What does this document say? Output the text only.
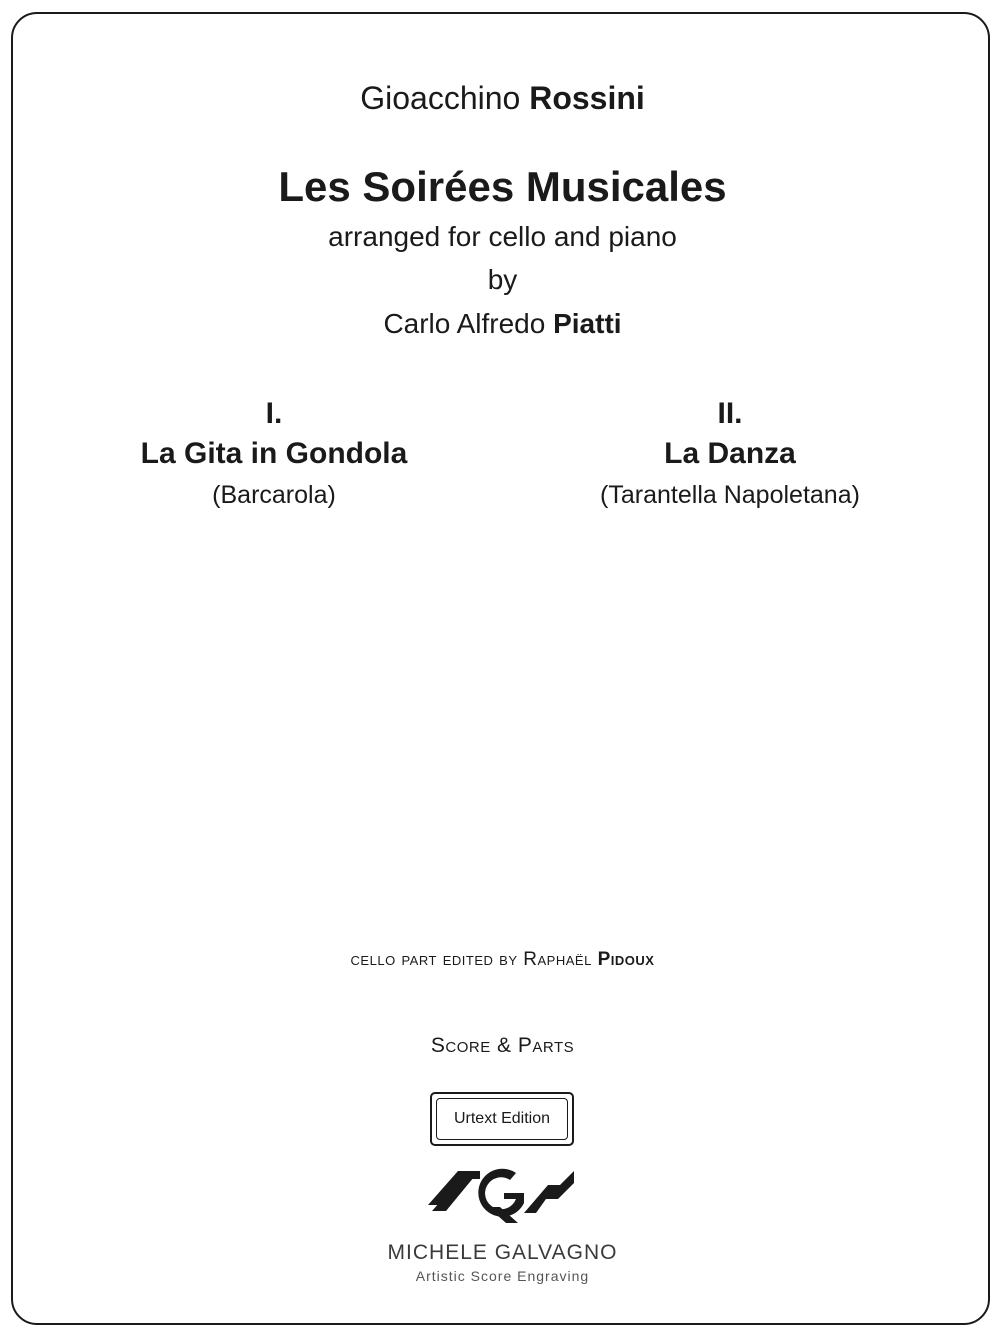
Gioacchino Rossini
Les Soirées Musicales
arranged for cello and piano
by
Carlo Alfredo Piatti
I.
La Gita in Gondola
(Barcarola)
II.
La Danza
(Tarantella Napoletana)
cello part edited by Raphaël Pidoux
Score & Parts
Urtext Edition
MICHELE GALVAGNO
Artistic Score Engraving
